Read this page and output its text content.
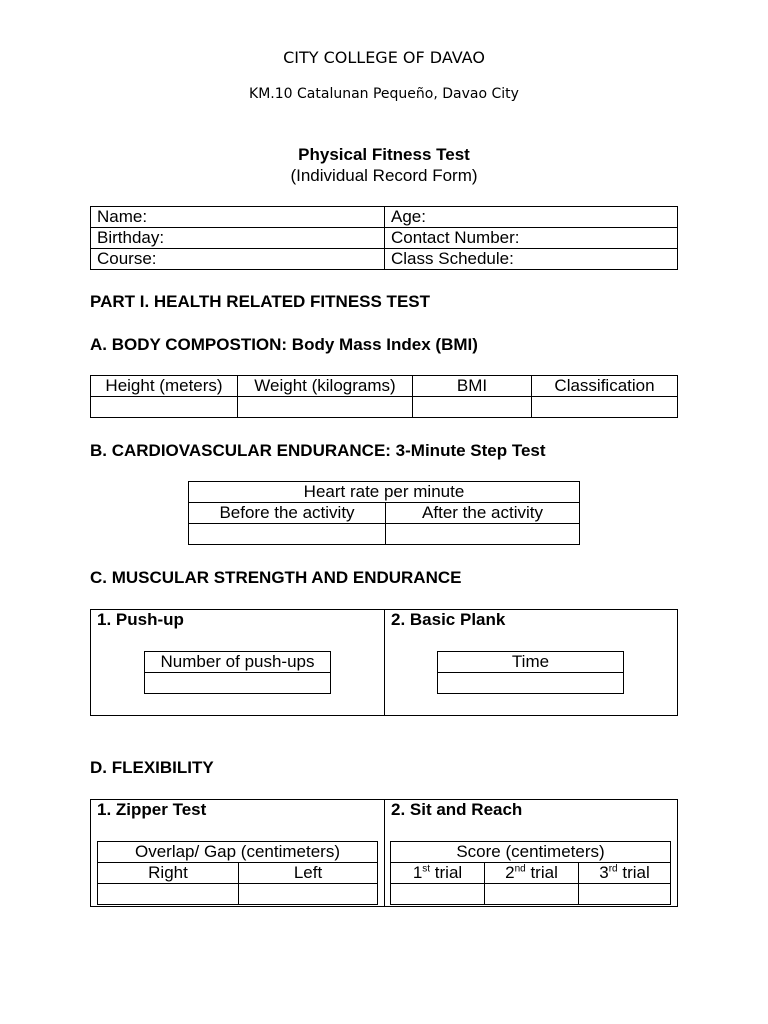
CITY COLLEGE OF DAVAO
KM.10 Catalunan Pequeño, Davao City
Physical Fitness Test
(Individual Record Form)
Name:	Age:
Birthday:	Contact Number:
Course:	Class Schedule:
PART I. HEALTH RELATED FITNESS TEST
A. BODY COMPOSTION: Body Mass Index (BMI)
Height (meters)	Weight (kilograms)	BMI	Classification

B. CARDIOVASCULAR ENDURANCE: 3-Minute Step Test
Heart rate per minute	
Before the activity	After the activity

C. MUSCULAR STRENGTH AND ENDURANCE
1. Push-up	2. Basic Plank
Number of push-ups	Time

D. FLEXIBILITY
1. Zipper Test	2. Sit and Reach
Overlap/ Gap (centimeters)	
Right	Left

Score (centimeters)		
1st trial	2nd trial	3rd trial
